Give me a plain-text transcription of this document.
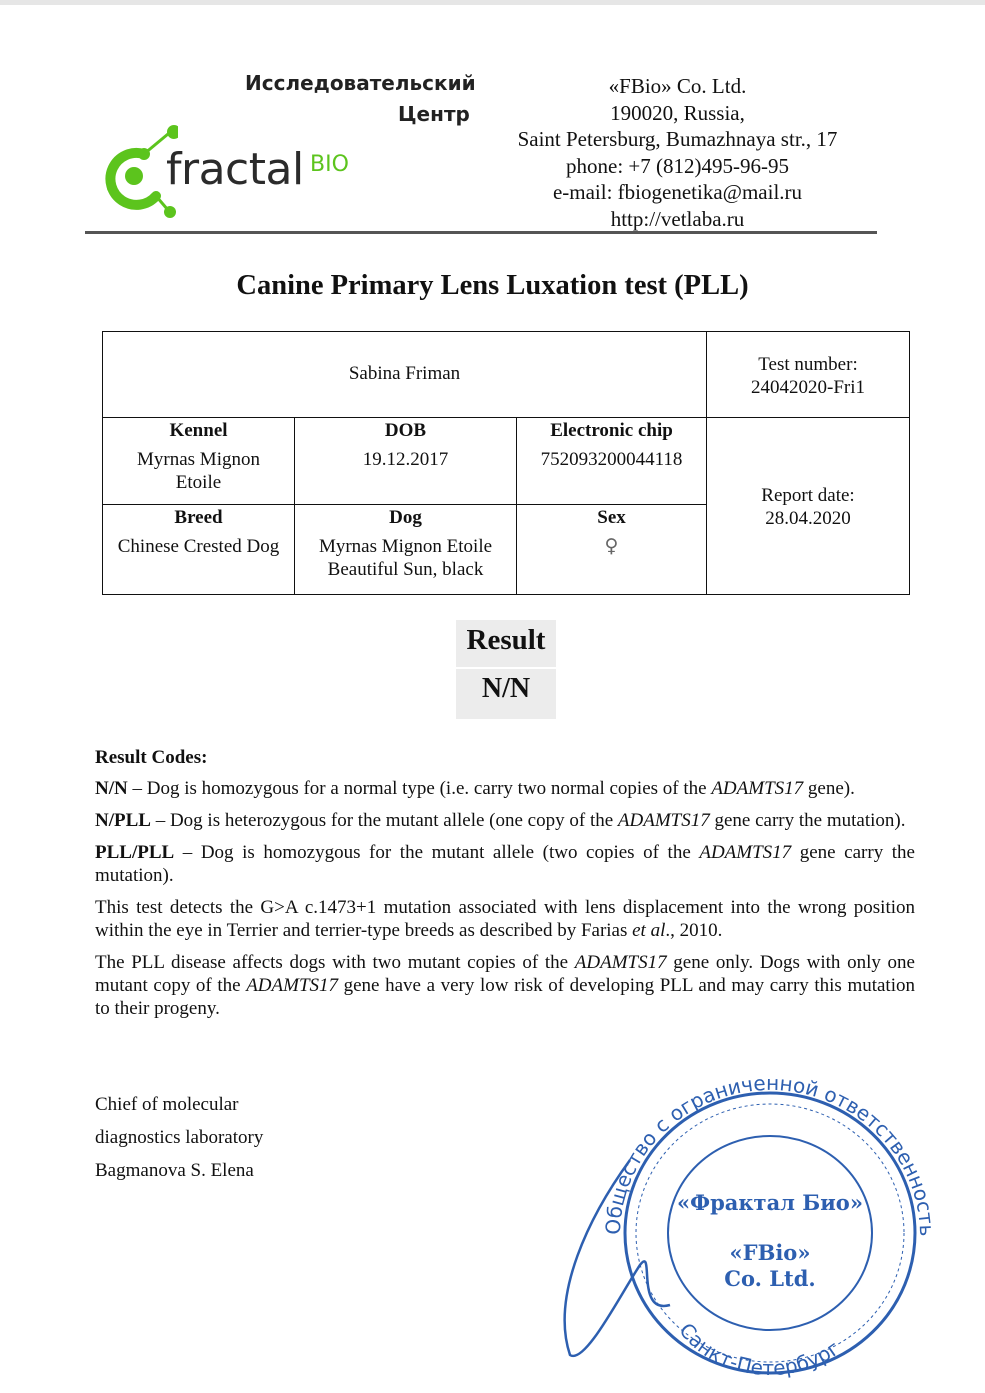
Исследовательский
Центр
fractal BIO
«FBio» Co. Ltd.
190020, Russia,
Saint Petersburg, Bumazhnaya str., 17
phone: +7 (812)495-96-95
e-mail: fbiogenetika@mail.ru
http://vetlaba.ru
Canine Primary Lens Luxation test (PLL)
Sabina Friman	Test number:
24042020-Fri1
Kennel
Myrnas Mignon
Etoile
DOB
19.12.2017
Electronic chip
752093200044118
Report date:
28.04.2020
Breed
Chinese Crested Dog
Dog
Myrnas Mignon Etoile
Beautiful Sun, black
Sex
♀
Result
N/N

Result Codes:

N/N – Dog is homozygous for a normal type (i.e. carry two normal copies of the ADAMTS17 gene).

N/PLL – Dog is heterozygous for the mutant allele (one copy of the ADAMTS17 gene carry the mutation).

PLL/PLL – Dog is homozygous for the mutant allele (two copies of the ADAMTS17 gene carry the mutation).

This test detects the G>A c.1473+1 mutation associated with lens displacement into the wrong position within the eye in Terrier and terrier-type breeds as described by Farias et al., 2010.

The PLL disease affects dogs with two mutant copies of the ADAMTS17 gene only. Dogs with only one mutant copy of the ADAMTS17 gene have a very low risk of developing PLL and may carry this mutation to their progeny.

Chief of molecular
diagnostics laboratory
Bagmanova S. Elena
Общество с ограниченной ответственность
Санкт-Петербург
«Фрактал Био»
«FBio»
Co. Ltd.
